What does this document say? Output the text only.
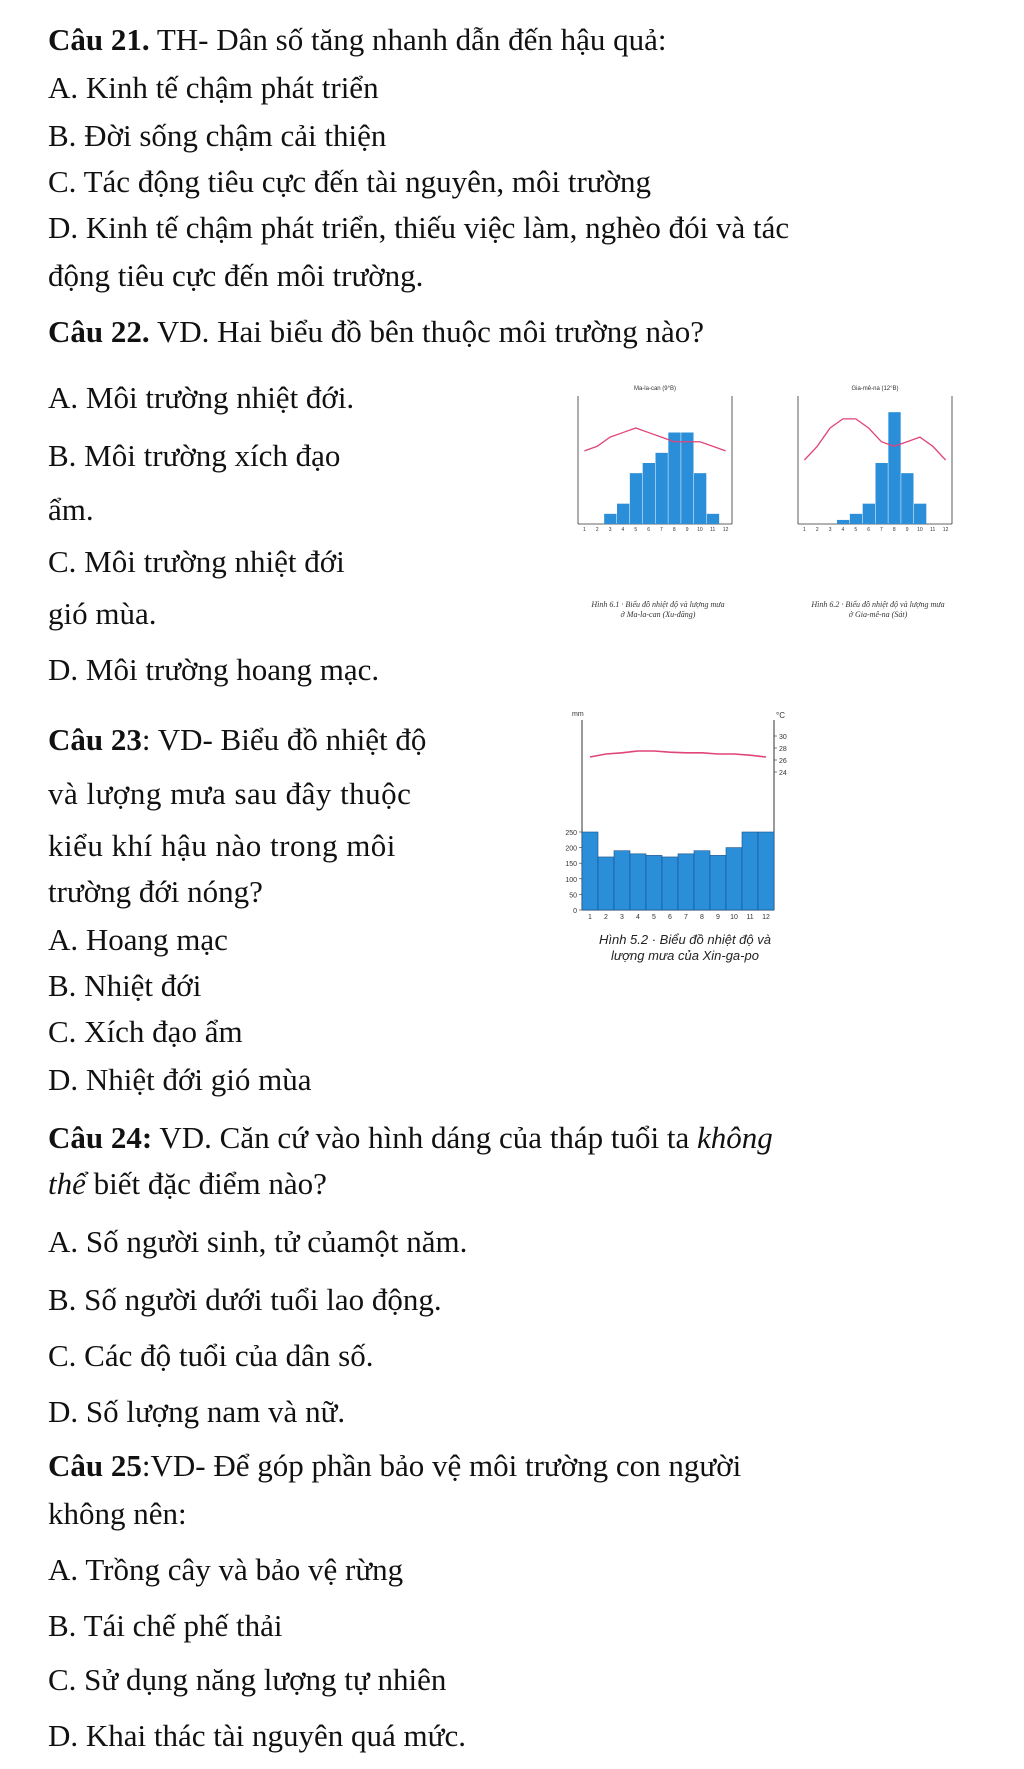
Câu 21. TH- Dân số tăng nhanh dẫn đến hậu quả:
A. Kinh tế chậm phát triển
B. Đời sống chậm cải thiện
C. Tác động tiêu cực đến tài nguyên, môi trường
D. Kinh tế chậm phát triển, thiếu việc làm, nghèo đói và tác
động tiêu cực đến môi trường.
Câu 22. VD. Hai biểu đồ bên thuộc môi trường nào?
A. Môi trường nhiệt đới.
B. Môi trường xích đạo
ẩm.
C. Môi trường nhiệt đới
gió mùa.
D. Môi trường hoang mạc.
1 2 3 4 5 6 7 8 9 10 11 12
Ma-la-can (9°B)
Hình 6.1 · Biểu đồ nhiệt độ và lượng mưa
ở Ma-la-can (Xu-đăng)
1 2 3 4 5 6 7 8 9 10 11 12
Gia-mê-na (12°B)
Hình 6.2 · Biểu đồ nhiệt độ và lượng mưa
ở Gia-mê-na (Sát)
Câu 23: VD- Biểu đồ nhiệt độ
và lượng mưa sau đây thuộc
kiểu khí hậu nào trong môi
trường đới nóng?
A. Hoang mạc
B. Nhiệt đới
C. Xích đạo ẩm
D. Nhiệt đới gió mùa
250
200
150
100
50
0
30
28
26
24
mm	°C
1 2 3 4 5 6 7 8 9 10 11 12
Hình 5.2 · Biểu đồ nhiệt độ và
lượng mưa của Xin-ga-po
Câu 24: VD. Căn cứ vào hình dáng của tháp tuổi ta không
thể biết đặc điểm nào?
A. Số người sinh, tử củamột năm.
B. Số người dưới tuổi lao động.
C. Các độ tuổi của dân số.
D. Số lượng nam và nữ.
Câu 25:VD- Để góp phần bảo vệ môi trường con người
không nên:
A. Trồng cây và bảo vệ rừng
B. Tái chế phế thải
C. Sử dụng năng lượng tự nhiên
D. Khai thác tài nguyên quá mức.
